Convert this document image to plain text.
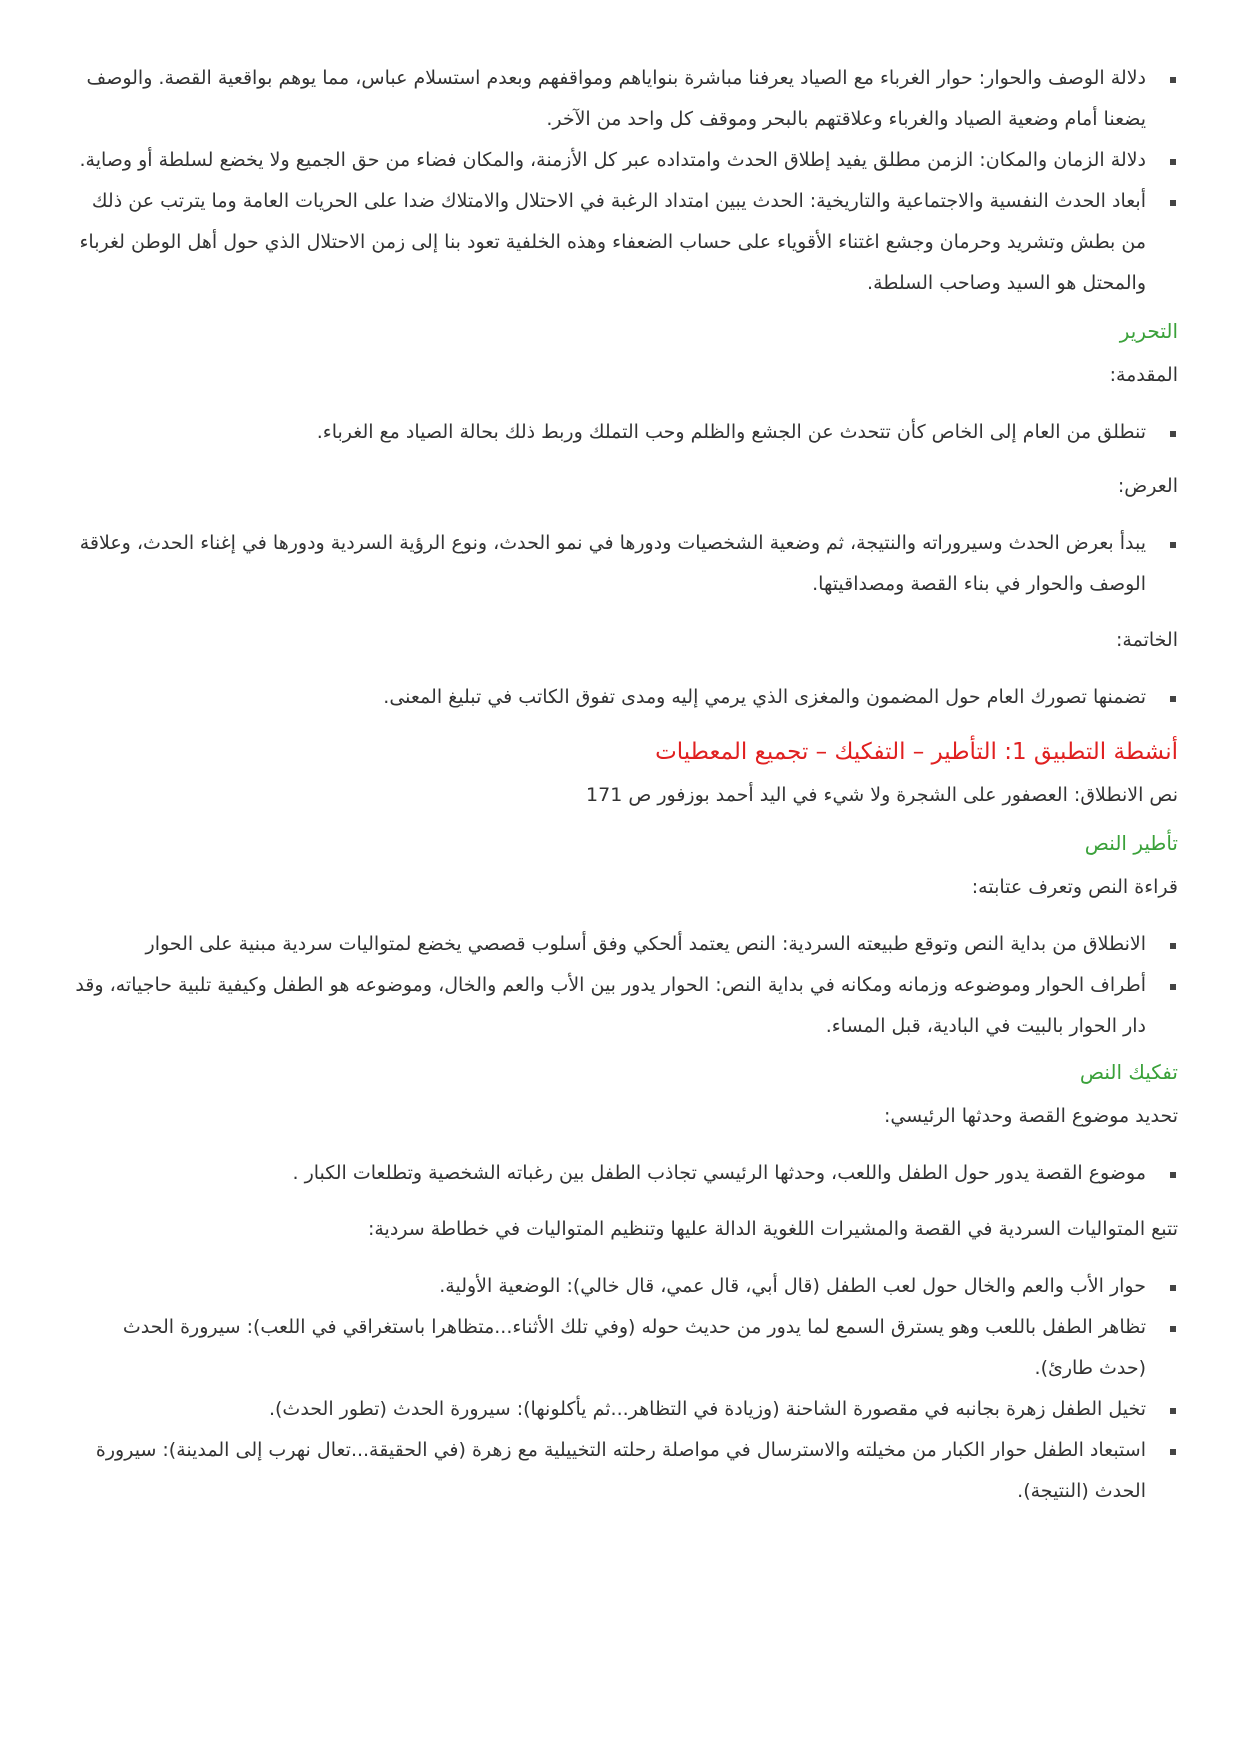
دلالة الوصف والحوار: حوار الغرباء مع الصياد يعرفنا مباشرة بنواياهم ومواقفهم وبعدم استسلام عباس، مما يوهم بواقعية القصة. والوصف يضعنا أمام وضعية الصياد والغرباء وعلاقتهم بالبحر وموقف كل واحد من الآخر.
دلالة الزمان والمكان: الزمن مطلق يفيد إطلاق الحدث وامتداده عبر كل الأزمنة، والمكان فضاء من حق الجميع ولا يخضع لسلطة أو وصاية.
أبعاد الحدث النفسية والاجتماعية والتاريخية: الحدث يبين امتداد الرغبة في الاحتلال والامتلاك ضدا على الحريات العامة وما يترتب عن ذلك من بطش وتشريد وحرمان وجشع اغتناء الأقوياء على حساب الضعفاء وهذه الخلفية تعود بنا إلى زمن الاحتلال الذي حول أهل الوطن لغرباء والمحتل هو السيد وصاحب السلطة.
التحرير

المقدمة:

تنطلق من العام إلى الخاص كأن تتحدث عن الجشع والظلم وحب التملك وربط ذلك بحالة الصياد مع الغرباء.

العرض:

يبدأ بعرض الحدث وسيروراته والنتيجة، ثم وضعية الشخصيات ودورها في نمو الحدث، ونوع الرؤية السردية ودورها في إغناء الحدث، وعلاقة الوصف والحوار في بناء القصة ومصداقيتها.

الخاتمة:

تضمنها تصورك العام حول المضمون والمغزى الذي يرمي إليه ومدى تفوق الكاتب في تبليغ المعنى.
أنشطة التطبيق 1: التأطير – التفكيك – تجميع المعطيات

نص الانطلاق: العصفور على الشجرة ولا شيء في اليد أحمد بوزفور ص 171

تأطير النص

قراءة النص وتعرف عتابته:

الانطلاق من بداية النص وتوقع طبيعته السردية: النص يعتمد ألحكي وفق أسلوب قصصي يخضع لمتواليات سردية مبنية على الحوار
أطراف الحوار وموضوعه وزمانه ومكانه في بداية النص: الحوار يدور بين الأب والعم والخال، وموضوعه هو الطفل وكيفية تلبية حاجياته، وقد دار الحوار بالبيت في البادية، قبل المساء.
تفكيك النص

تحديد موضوع القصة وحدثها الرئيسي:

موضوع القصة يدور حول الطفل واللعب، وحدثها الرئيسي تجاذب الطفل بين رغباته الشخصية وتطلعات الكبار .

تتبع المتواليات السردية في القصة والمشيرات اللغوية الدالة عليها وتنظيم المتواليات في خطاطة سردية:

حوار الأب والعم والخال حول لعب الطفل (قال أبي، قال عمي، قال خالي): الوضعية الأولية.
تظاهر الطفل باللعب وهو يسترق السمع لما يدور من حديث حوله (وفي تلك الأثناء...متظاهرا باستغراقي في اللعب): سيرورة الحدث (حدث طارئ).
تخيل الطفل زهرة بجانبه في مقصورة الشاحنة (وزيادة في التظاهر...ثم يأكلونها): سيرورة الحدث (تطور الحدث).
استبعاد الطفل حوار الكبار من مخيلته والاسترسال في مواصلة رحلته التخييلية مع زهرة (في الحقيقة...تعال نهرب إلى المدينة): سيرورة الحدث (النتيجة).
